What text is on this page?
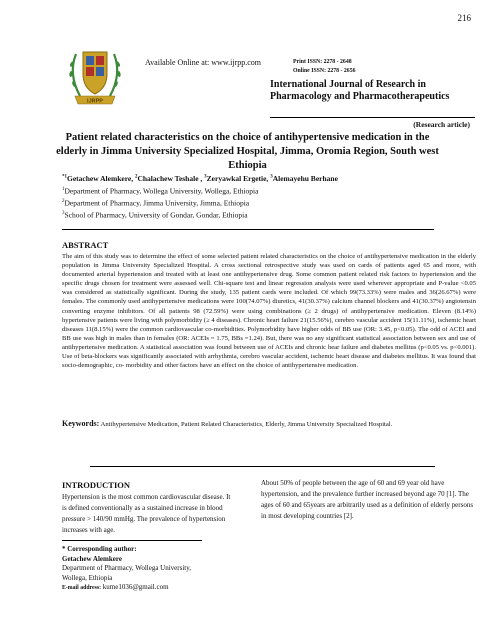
216
IJRPP
Available Online at: www.ijrpp.com	Print ISSN: 2278 - 2648
Online ISSN: 2278 - 2656
International Journal of Research in Pharmacology and Pharmacotherapeutics
(Research article)
Patient related characteristics on the choice of antihypertensive medication in the elderly in Jimma University Specialized Hospital, Jimma, Oromia Region, South west Ethiopia
$^{*1}$Getachew Alemkere, $^2$Chalachew Teshale , $^3$Zeryawkal Ergetie, $^3$Alemayehu Berhane
$^1$Department of Pharmacy, Wollega University, Wollega, Ethiopia
$^2$Department of Pharmacy, Jimma University, Jimma, Ethiopia
$^3$School of Pharmacy, University of Gondar, Gondar, Ethiopia
ABSTRACT
The aim of this study was to determine the effect of some selected patient related characteristics on the choice of antihypertensive medication in the elderly population in Jimma University Specialized Hospital. A cross sectional retrospective study was used on cards of patients aged 65 and more, with documented arterial hypertension and treated with at least one antihypertensive drug. Some common patient related risk factors to hypertension and the specific drugs chosen for treatment were assessed well. Chi-square test and linear regression analysis were used wherever appropriate and P-value <0.05 was considered as statistically significant. During the study, 135 patient cards were included. Of which 99(73.33%) were males and 36(26.67%) were females. The commonly used antihypertensive medications were 100(74.07%) diuretics, 41(30.37%) calcium channel blockers and 41(30.37%) angiotensin converting enzyme inhibitors. Of all patients 98 (72.59%) were using combinations (≥ 2 drugs) of antihypertensive medication. Eleven (8.14%) hypertensive patients were living with polymorbidity (≥ 4 diseases). Chronic heart failure 21(15.56%), cerebro vascular accident 15(11.11%), ischemic heart diseases 11(8.15%) were the common cardiovascular co-morbidities. Polymorbidity have higher odds of BB use (OR: 3.45, p<0.05). The odd of ACEI and BB use was high in males than in females (OR: ACEIs = 1.75, BBs =1.24). But, there was no any significant statistical association between sex and use of antihypertensive medication. A statistical association was found between use of ACEIs and chronic hear failure and diabetes mellitus (p<0.05 vs. p<0.001). Use of beta-blockers was significantly associated with arrhythmia, cerebro vascular accident, ischemic heart disease and diabetes mellitus. It was found that socio-demographic, co- morbidity and other factors have an effect on the choice of antihypertensive medication.
Keywords: Antihypertensive Medication, Patient Related Characteristics, Elderly, Jimma University Specialized Hospital.
INTRODUCTION
Hypertension is the most common cardiovascular disease. It is defined conventionally as a sustained increase in blood pressure > 140/90 mmHg. The prevalence of hypertension increases with age.
About 50% of people between the age of 60 and 69 year old have hypertension, and the prevalence further increased beyond age 70 [1]. The ages of 60 and 65years are arbitrarily used as a definition of elderly persons in most developing countries [2].
* Corresponding author:
Getachew Alemkere
Department of Pharmacy, Wollega University,
Wollega, Ethiopia
E-mail address: kume1036@gmail.com
